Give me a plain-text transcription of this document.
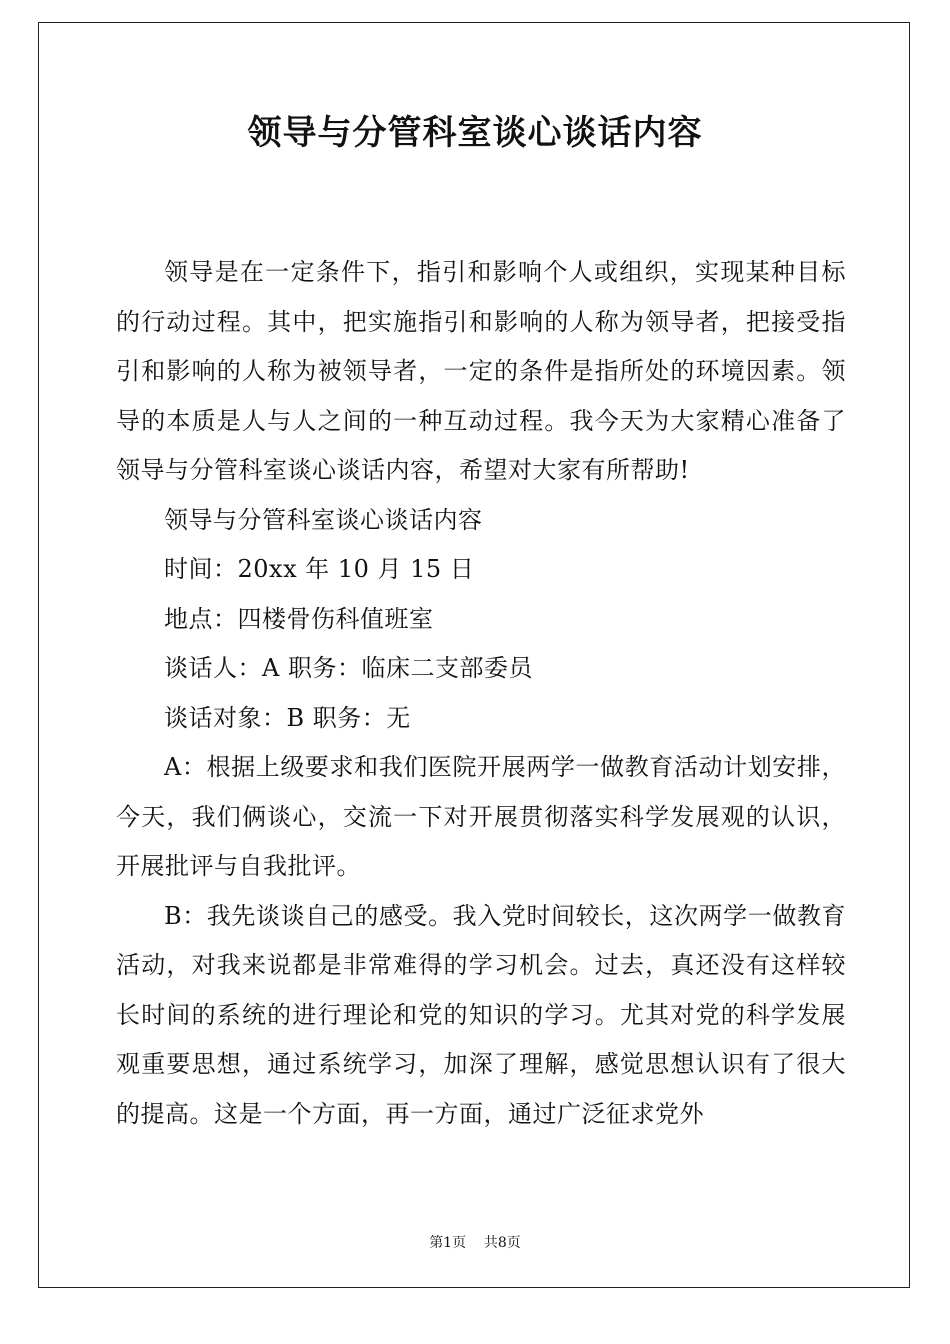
领导与分管科室谈心谈话内容

领导是在一定条件下，指引和影响个人或组织，实现某种目标的行动过程。其中，把实施指引和影响的人称为领导者，把接受指引和影响的人称为被领导者，一定的条件是指所处的环境因素。领导的本质是人与人之间的一种互动过程。我今天为大家精心准备了领导与分管科室谈心谈话内容，希望对大家有所帮助!

领导与分管科室谈心谈话内容

时间：20xx 年 10 月 15 日

地点：四楼骨伤科值班室

谈话人：A 职务：临床二支部委员

谈话对象：B 职务：无

A：根据上级要求和我们医院开展两学一做教育活动计划安排，今天，我们俩谈心，交流一下对开展贯彻落实科学发展观的认识，开展批评与自我批评。

B：我先谈谈自己的感受。我入党时间较长，这次两学一做教育活动，对我来说都是非常难得的学习机会。过去，真还没有这样较长时间的系统的进行理论和党的知识的学习。尤其对党的科学发展观重要思想，通过系统学习，加深了理解，感觉思想认识有了很大的提高。这是一个方面，再一方面，通过广泛征求党外

第1页    共8页
